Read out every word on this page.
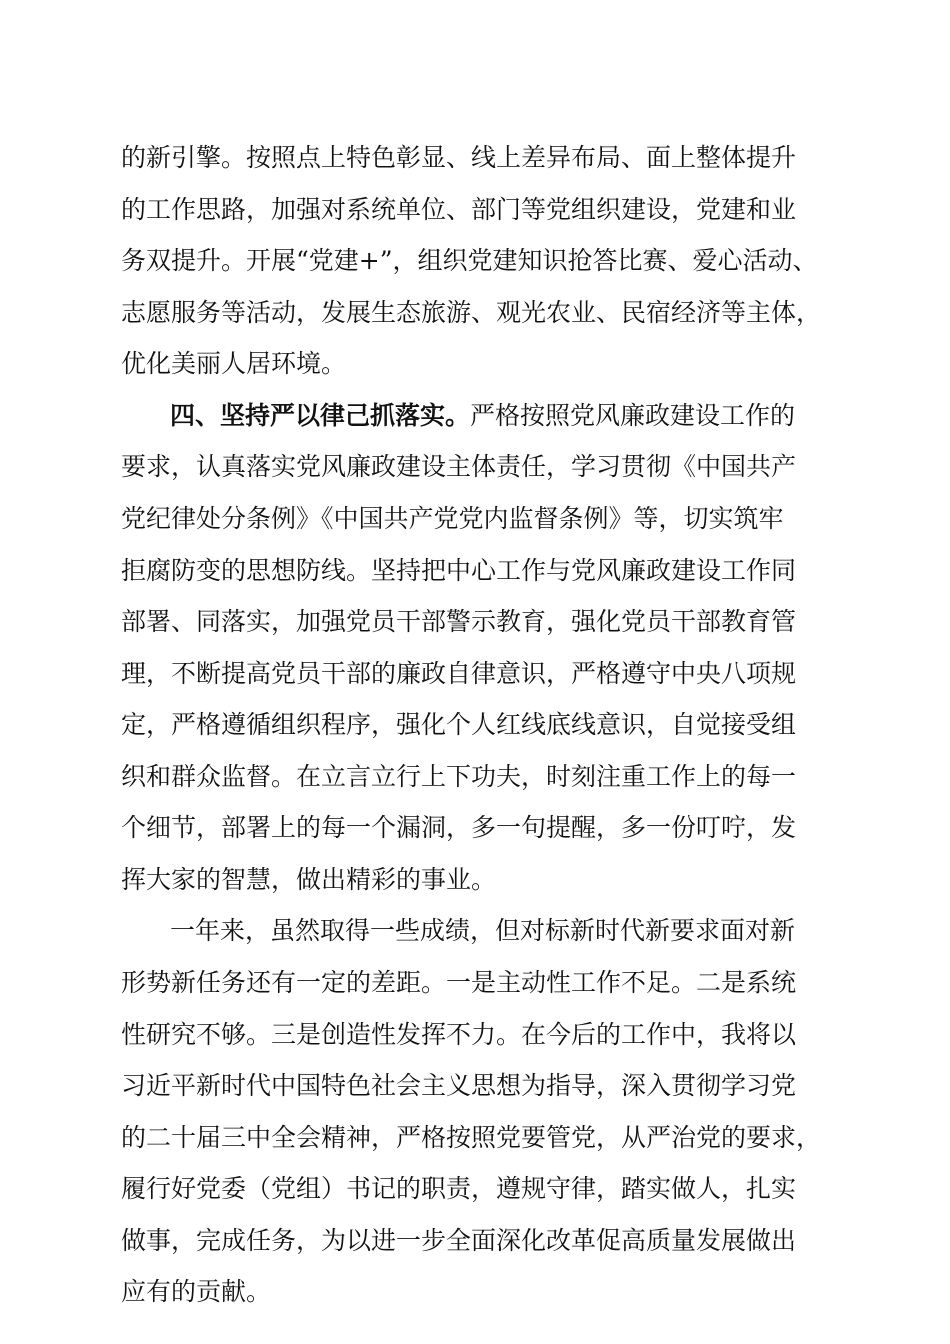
的新引擎。按照点上特色彰显、线上差异布局、面上整体提升
的工作思路，加强对系统单位、部门等党组织建设，党建和业
务双提升。开展“党建+”，组织党建知识抢答比赛、爱心活动、
志愿服务等活动，发展生态旅游、观光农业、民宿经济等主体，
优化美丽人居环境。
四、坚持严以律己抓落实。严格按照党风廉政建设工作的
要求，认真落实党风廉政建设主体责任，学习贯彻《中国共产
党纪律处分条例》《中国共产党党内监督条例》等，切实筑牢
拒腐防变的思想防线。坚持把中心工作与党风廉政建设工作同
部署、同落实，加强党员干部警示教育，强化党员干部教育管
理，不断提高党员干部的廉政自律意识，严格遵守中央八项规
定，严格遵循组织程序，强化个人红线底线意识，自觉接受组
织和群众监督。在立言立行上下功夫，时刻注重工作上的每一
个细节，部署上的每一个漏洞，多一句提醒，多一份叮咛，发
挥大家的智慧，做出精彩的事业。
一年来，虽然取得一些成绩，但对标新时代新要求面对新
形势新任务还有一定的差距。一是主动性工作不足。二是系统
性研究不够。三是创造性发挥不力。在今后的工作中，我将以
习近平新时代中国特色社会主义思想为指导，深入贯彻学习党
的二十届三中全会精神，严格按照党要管党，从严治党的要求，
履行好党委（党组）书记的职责，遵规守律，踏实做人，扎实
做事，完成任务，为以进一步全面深化改革促高质量发展做出
应有的贡献。
